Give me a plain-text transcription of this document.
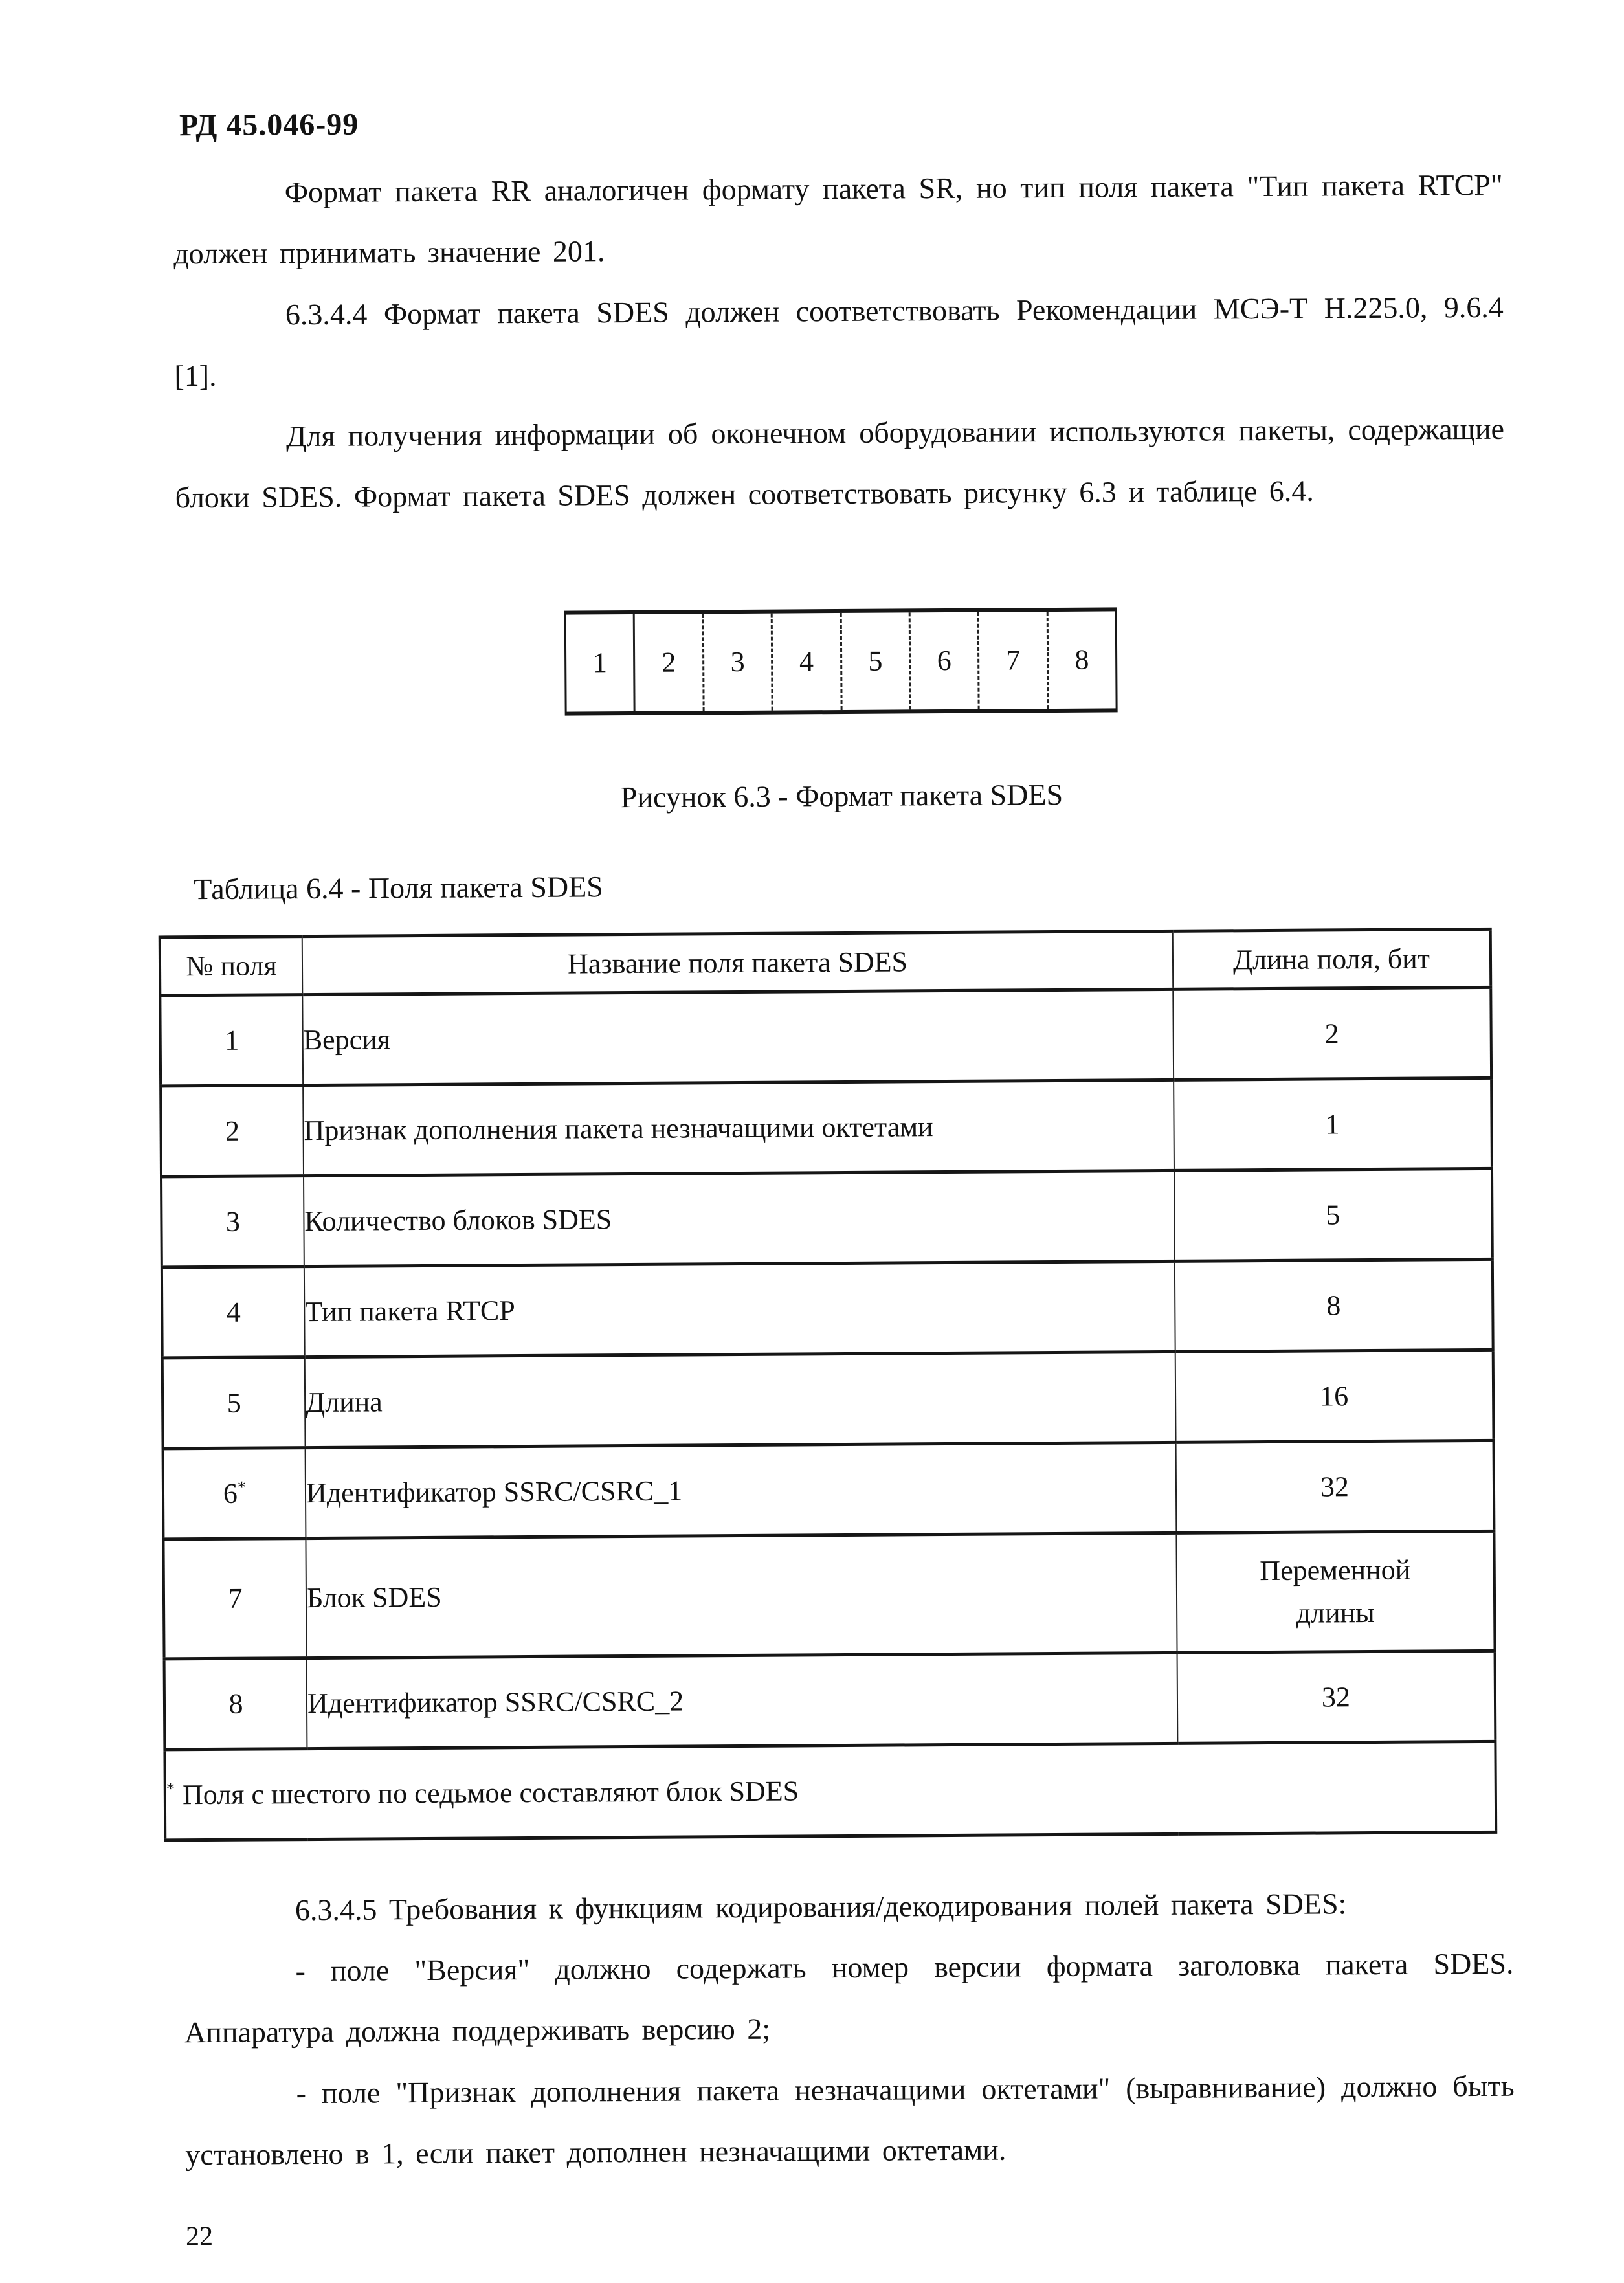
РД 45.046-99

Формат пакета RR аналогичен формату пакета SR, но тип поля пакета "Тип пакета RTCP" должен принимать значение 201.

6.3.4.4 Формат пакета SDES должен соответствовать Рекомендации МСЭ-Т Н.225.0, 9.6.4 [1].

Для получения информации об оконечном оборудовании используются пакеты, содержащие блоки SDES. Формат пакета SDES должен соответствовать рисунку 6.3 и таблице 6.4.

1	2	3	4	5	6	7	8
Рисунок 6.3 - Формат пакета SDES
Таблица 6.4 - Поля пакета SDES
№ поля	Название поля пакета SDES	Длина поля, бит
1	Версия	2
2	Признак дополнения пакета незначащими октетами	1
3	Количество блоков SDES	5
4	Тип пакета RTCP	8
5	Длина	16
6*	Идентификатор SSRC/CSRC_1	32
7	Блок SDES	Переменной длины
8	Идентификатор SSRC/CSRC_2	32
* Поля с шестого по седьмое составляют блок SDES		

6.3.4.5 Требования к функциям кодирования/декодирования полей пакета SDES:

- поле "Версия" должно содержать номер версии формата заголовка пакета SDES. Аппаратура должна поддерживать версию 2;

- поле "Признак дополнения пакета незначащими октетами" (выравнивание) должно быть установлено в 1, если пакет дополнен незначащими октетами.

22
